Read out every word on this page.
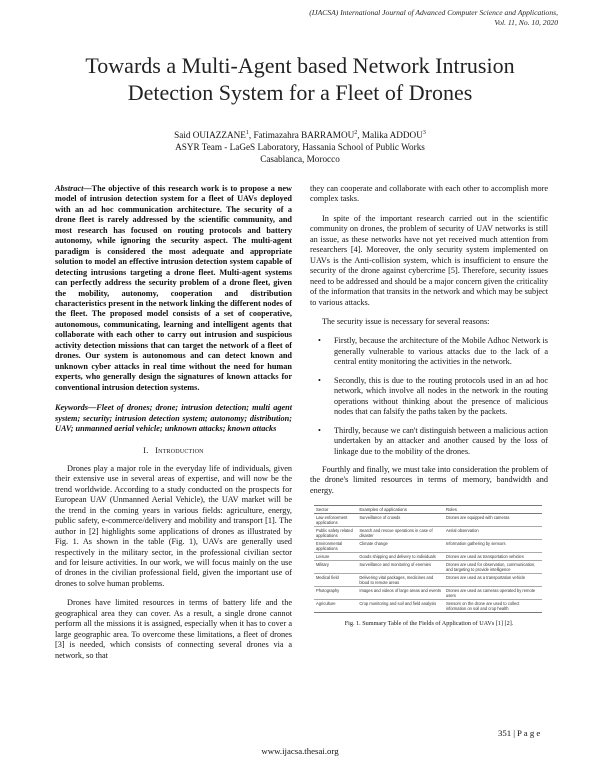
(IJACSA) International Journal of Advanced Computer Science and Applications,
Vol. 11, No. 10, 2020
Towards a Multi-Agent based Network Intrusion
Detection System for a Fleet of Drones
Said OUIAZZANE$^1$, Fatimazahra BARRAMOU$^2$, Malika ADDOU$^3$
ASYR Team - LaGeS Laboratory, Hassania School of Public Works
Casablanca, Morocco

Abstract—The objective of this research work is to propose a new model of intrusion detection system for a fleet of UAVs deployed with an ad hoc communication architecture. The security of a drone fleet is rarely addressed by the scientific community, and most research has focused on routing protocols and battery autonomy, while ignoring the security aspect. The multi-agent paradigm is considered the most adequate and appropriate solution to model an effective intrusion detection system capable of detecting intrusions targeting a drone fleet. Multi-agent systems can perfectly address the security problem of a drone fleet, given the mobility, autonomy, cooperation and distribution characteristics present in the network linking the different nodes of the fleet. The proposed model consists of a set of cooperative, autonomous, communicating, learning and intelligent agents that collaborate with each other to carry out intrusion and suspicious activity detection missions that can target the network of a fleet of drones. Our system is autonomous and can detect known and unknown cyber attacks in real time without the need for human experts, who generally design the signatures of known attacks for conventional intrusion detection systems.

Keywords—Fleet of drones; drone; intrusion detection; multi agent system; security; intrusion detection system; autonomy; distribution; UAV; unmanned aerial vehicle; unknown attacks; known attacks

I. Introduction

Drones play a major role in the everyday life of individuals, given their extensive use in several areas of expertise, and will now be the trend worldwide. According to a study conducted on the prospects for European UAV (Unmanned Aerial Vehicle), the UAV market will be the trend in the coming years in various fields: agriculture, energy, public safety, e-commerce/delivery and mobility and transport [1]. The author in [2] highlights some applications of drones as illustrated by Fig. 1. As shown in the table (Fig. 1), UAVs are generally used respectively in the military sector, in the professional civilian sector and for leisure activities. In our work, we will focus mainly on the use of drones in the civilian professional field, given the important use of drones to solve human problems.

Drones have limited resources in terms of battery life and the geographical area they can cover. As a result, a single drone cannot perform all the missions it is assigned, especially when it has to cover a large geographic area. To overcome these limitations, a fleet of drones [3] is needed, which consists of connecting several drones via a network, so that

they can cooperate and collaborate with each other to accomplish more complex tasks.

In spite of the important research carried out in the scientific community on drones, the problem of security of UAV networks is still an issue, as these networks have not yet received much attention from researchers [4]. Moreover, the only security system implemented on UAVs is the Anti-collision system, which is insufficient to ensure the security of the drone against cybercrime [5]. Therefore, security issues need to be addressed and should be a major concern given the criticality of the information that transits in the network and which may be subject to various attacks.

The security issue is necessary for several reasons:

• Firstly, because the architecture of the Mobile Adhoc Network is generally vulnerable to various attacks due to the lack of a central entity monitoring the activities in the network.
• Secondly, this is due to the routing protocols used in an ad hoc network, which involve all nodes in the network in the routing operations without thinking about the presence of malicious nodes that can falsify the paths taken by the packets.
• Thirdly, because we can't distinguish between a malicious action undertaken by an attacker and another caused by the loss of linkage due to the mobility of the drones.

Fourthly and finally, we must take into consideration the problem of the drone's limited resources in terms of memory, bandwidth and energy.

Sector	Examples of applications	Roles
Law enforcement applications	Surveillance of crowds	Drones are equipped with cameras
Public safety related applications	Search and rescue operations in case of disaster	Aerial observation
Environmental applications	Climate change	Information gathering by sensors
Leisure	Goods shipping and delivery to individuals	Drones are used as transportation vehicles
Military	Surveillance and monitoring of enemies	Drones are used for observation, communication, and targeting to provide intelligence
Medical field	Delivering vital packages, medicines and blood to remote areas	Drones are used as a transportation vehicle
Photography	Images and videos of large areas and events	Drones are used as cameras operated by remote users
Agriculture	Crop monitoring and soil and field analysis	Sensors on the drone are used to collect information on soil and crop health
Fig. 1. Summary Table of the Fields of Application of UAVs [1] [2].
351 | P a g e
www.ijacsa.thesai.org
